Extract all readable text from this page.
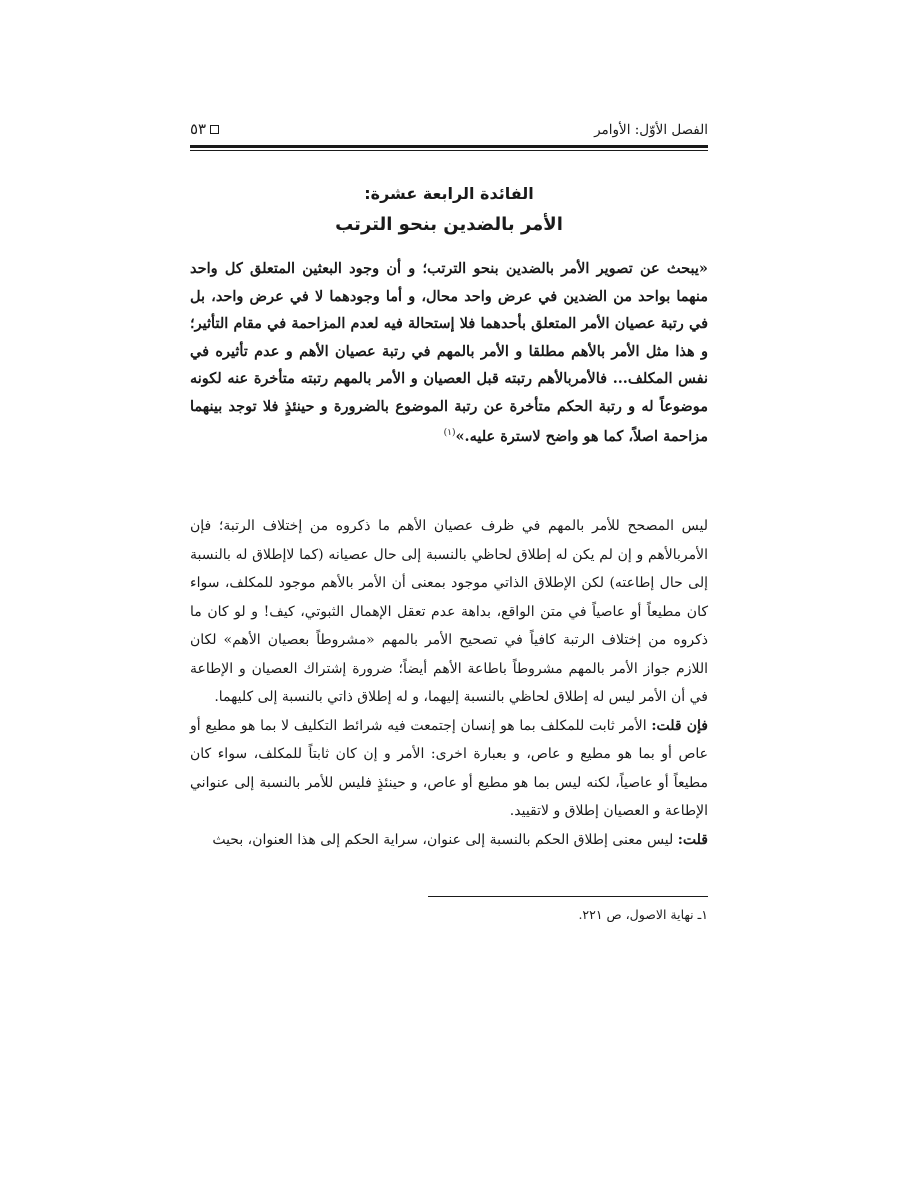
الفصل الأوّل: الأوامر
٥٣
الفائدة الرابعة عشرة:
الأمر بالضدين بنحو الترتب
«يبحث عن تصوير الأمر بالضدين بنحو الترتب؛ و أن وجود البعثين المتعلق كل واحد منهما بواحد من الضدين في عرض واحد محال، و أما وجودهما لا في عرض واحد، بل في رتبة عصيان الأمر المتعلق بأحدهما فلا إستحالة فيه لعدم المزاحمة في مقام التأثير؛ و هذا مثل الأمر بالأهم مطلقا و الأمر بالمهم في رتبة عصيان الأهم و عدم تأثيره في نفس المكلف... فالأمربالأهم رتبته قبل العصيان و الأمر بالمهم رتبته متأخرة عنه لكونه موضوعاً له و رتبة الحكم متأخرة عن رتبة الموضوع بالضرورة و حينئذٍ فلا توجد بينهما مزاحمة اصلاً، كما هو واضح لاسترة عليه.»$^{(١)}$

ليس المصحح للأمر بالمهم في ظرف عصيان الأهم ما ذكروه من إختلاف الرتبة؛ فإن الأمربالأهم و إن لم يكن له إطلاق لحاظي بالنسبة إلى حال عصيانه (كما لاإطلاق له بالنسبة إلى حال إطاعته) لكن الإطلاق الذاتي موجود بمعنى أن الأمر بالأهم موجود للمكلف، سواء كان مطيعاً أو عاصياً في متن الواقع، بداهة عدم تعقل الإهمال الثبوتي، كيف! و لو كان ما ذكروه من إختلاف الرتبة كافياً في تصحيح الأمر بالمهم «مشروطاً بعصيان الأهم» لكان اللازم جواز الأمر بالمهم مشروطاً باطاعة الأهم أيضاً؛ ضرورة إشتراك العصيان و الإطاعة في أن الأمر ليس له إطلاق لحاظي بالنسبة إليهما، و له إطلاق ذاتي بالنسبة إلى كليهما.

فإن قلت: الأمر ثابت للمكلف بما هو إنسان إجتمعت فيه شرائط التكليف لا بما هو مطيع أو عاص أو بما هو مطيع و عاص، و بعبارة اخرى: الأمر و إن كان ثابتاً للمكلف، سواء كان مطيعاً أو عاصياً، لكنه ليس بما هو مطيع أو عاص، و حينئذٍ فليس للأمر بالنسبة إلى عنواني الإطاعة و العصيان إطلاق و لاتقييد.

قلت: ليس معنى إطلاق الحكم بالنسبة إلى عنوان، سراية الحكم إلى هذا العنوان، بحيث

١ـ نهاية الاصول، ص ٢٢١.
